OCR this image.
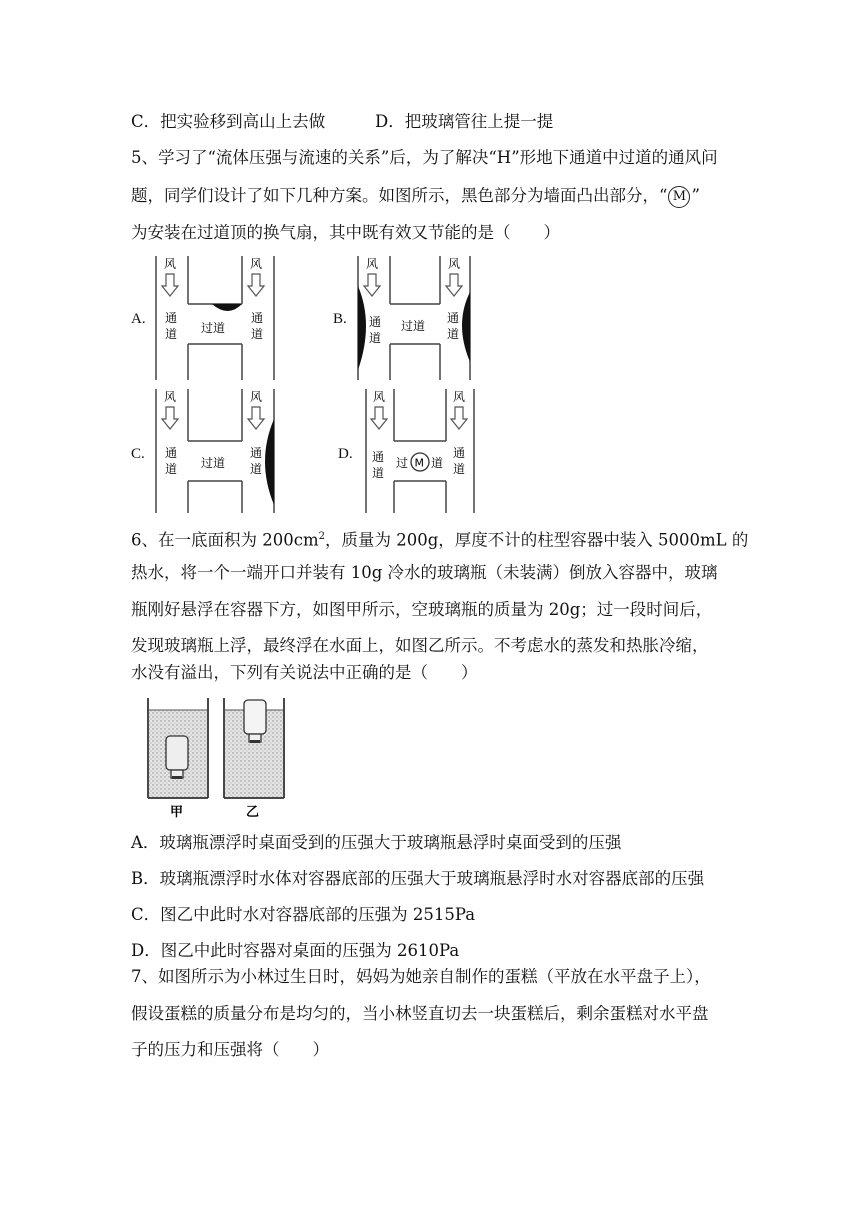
C．把实验移到高山上去做	D．把玻璃管往上提一提
5、学习了“流体压强与流速的关系”后，为了解决“H”形地下通道中过道的通风问
题，同学们设计了如下几种方案。如图所示，黑色部分为墙面凸出部分，“ M ”
为安装在过道顶的换气扇，其中既有效又节能的是（　　）
A.	B.
C.	D.
风	风
通
道
通
道
过道
风	风
通
道
通
道
过道
风	风
通
道
通
道
过道	M
风	风
通
道
通
道
过 道
6、在一底面积为 $200cm^2$，质量为 200g，厚度不计的柱型容器中装入 5000mL 的
热水，将一个一端开口并装有 10g 冷水的玻璃瓶（未装满）倒放入容器中，玻璃
瓶刚好悬浮在容器下方，如图甲所示，空玻璃瓶的质量为 20g；过一段时间后，
发现玻璃瓶上浮，最终浮在水面上，如图乙所示。不考虑水的蒸发和热胀冷缩，
水没有溢出，下列有关说法中正确的是（　　）
甲	乙
A．玻璃瓶漂浮时桌面受到的压强大于玻璃瓶悬浮时桌面受到的压强
B．玻璃瓶漂浮时水体对容器底部的压强大于玻璃瓶悬浮时水对容器底部的压强
C．图乙中此时水对容器底部的压强为 2515Pa
D．图乙中此时容器对桌面的压强为 2610Pa
7、如图所示为小林过生日时，妈妈为她亲自制作的蛋糕（平放在水平盘子上），
假设蛋糕的质量分布是均匀的，当小林竖直切去一块蛋糕后，剩余蛋糕对水平盘
子的压力和压强将（　　）
